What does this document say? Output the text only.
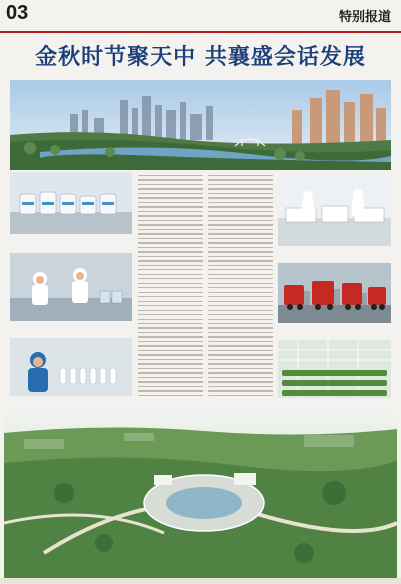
03	特别报道
金秋时节聚天中 共襄盛会话发展
